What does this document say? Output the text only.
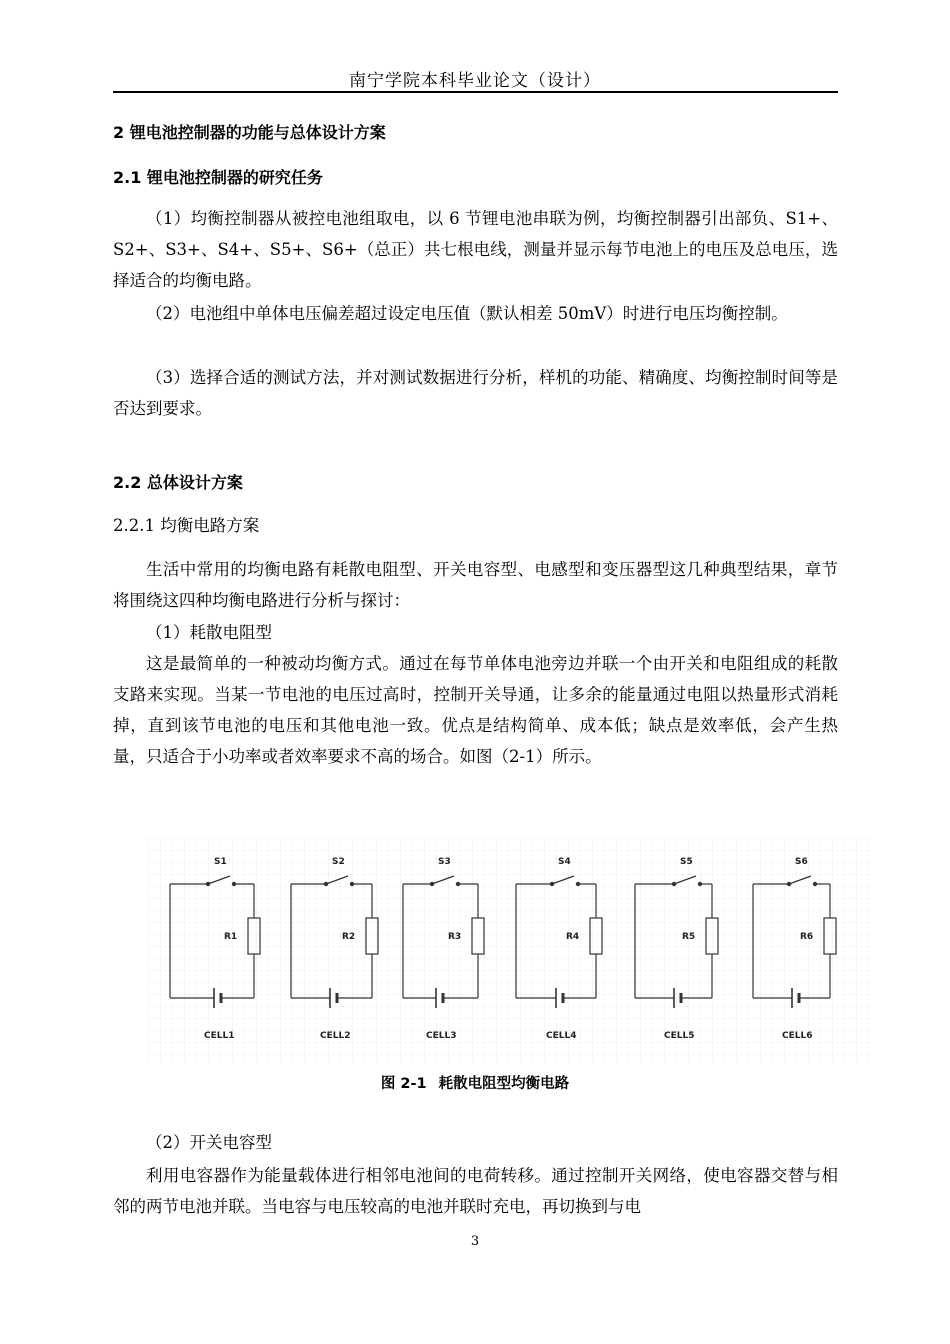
南宁学院本科毕业论文（设计）
2 锂电池控制器的功能与总体设计方案
2.1 锂电池控制器的研究任务
（1）均衡控制器从被控电池组取电，以 6 节锂电池串联为例，均衡控制器引出部负、S1+、S2+、S3+、S4+、S5+、S6+（总正）共七根电线，测量并显示每节电池上的电压及总电压，选择适合的均衡电路。
（2）电池组中单体电压偏差超过设定电压值（默认相差 50mV）时进行电压均衡控制。
（3）选择合适的测试方法，并对测试数据进行分析，样机的功能、精确度、均衡控制时间等是否达到要求。
2.2 总体设计方案
2.2.1 均衡电路方案
生活中常用的均衡电路有耗散电阻型、开关电容型、电感型和变压器型这几种典型结果，章节将围绕这四种均衡电路进行分析与探讨：
（1）耗散电阻型
这是最简单的一种被动均衡方式。通过在每节单体电池旁边并联一个由开关和电阻组成的耗散支路来实现。当某一节电池的电压过高时，控制开关导通，让多余的能量通过电阻以热量形式消耗掉，直到该节电池的电压和其他电池一致。优点是结构简单、成本低；缺点是效率低，会产生热量，只适合于小功率或者效率要求不高的场合。如图（2-1）所示。
S1
R1
CELL1
S2
R2
CELL2
S3
R3
CELL3
S4
R4
CELL4
S5
R5
CELL5
S6
R6
CELL6
图 2-1 耗散电阻型均衡电路
（2）开关电容型
利用电容器作为能量载体进行相邻电池间的电荷转移。通过控制开关网络，使电容器交替与相邻的两节电池并联。当电容与电压较高的电池并联时充电，再切换到与电
3
